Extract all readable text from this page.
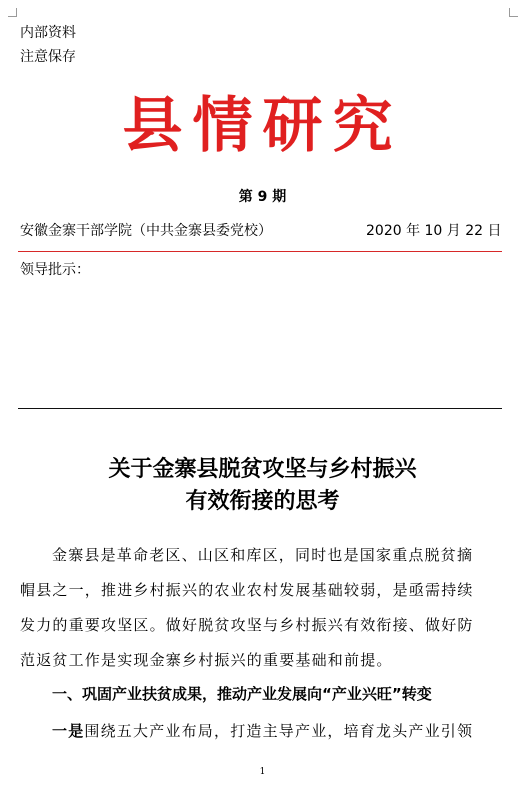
内部资料
注意保存
县情研究
第 9 期
安徽金寨干部学院（中共金寨县委党校）	2020 年 10 月 22 日
领导批示：
关于金寨县脱贫攻坚与乡村振兴
有效衔接的思考
金寨县是革命老区、山区和库区，同时也是国家重点脱贫摘
帽县之一，推进乡村振兴的农业农村发展基础较弱，是亟需持续
发力的重要攻坚区。做好脱贫攻坚与乡村振兴有效衔接、做好防
范返贫工作是实现金寨乡村振兴的重要基础和前提。
一、巩固产业扶贫成果，推动产业发展向“产业兴旺”转变
一是围绕五大产业布局，打造主导产业，培育龙头产业引领
1
